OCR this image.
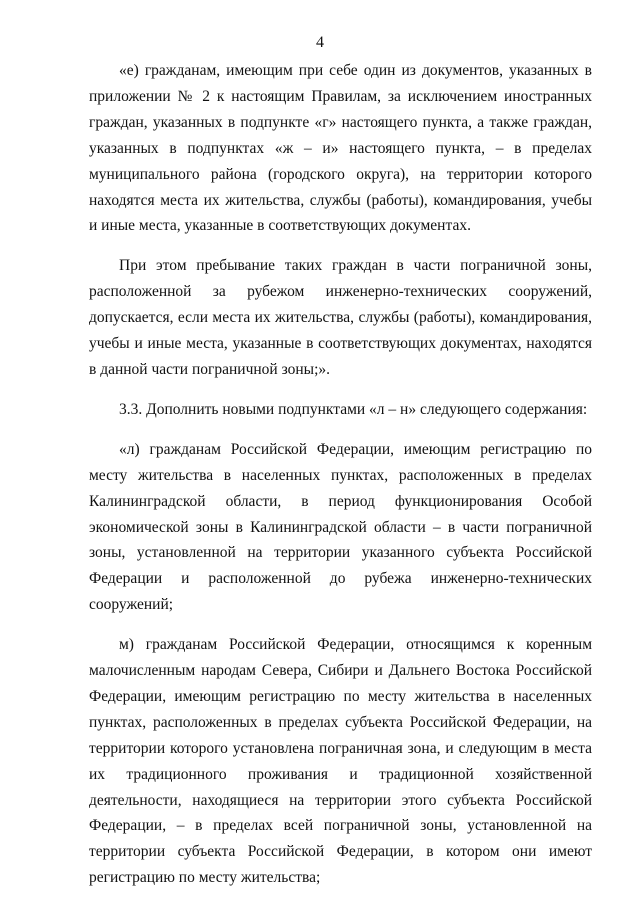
4

«е) гражданам, имеющим при себе один из документов, указанных в приложении № 2 к настоящим Правилам, за исключением иностранных граждан, указанных в подпункте «г» настоящего пункта, а также граждан, указанных в подпунктах «ж – и» настоящего пункта, – в пределах муниципального района (городского округа), на территории которого находятся места их жительства, службы (работы), командирования, учебы и иные места, указанные в соответствующих документах.

При этом пребывание таких граждан в части пограничной зоны, расположенной за рубежом инженерно-технических сооружений, допускается, если места их жительства, службы (работы), командирования, учебы и иные места, указанные в соответствующих документах, находятся в данной части пограничной зоны;».

3.3. Дополнить новыми подпунктами «л – н» следующего содержания:

«л) гражданам Российской Федерации, имеющим регистрацию по месту жительства в населенных пунктах, расположенных в пределах Калининградской области, в период функционирования Особой экономической зоны в Калининградской области – в части пограничной зоны, установленной на территории указанного субъекта Российской Федерации и расположенной до рубежа инженерно-технических сооружений;

м) гражданам Российской Федерации, относящимся к коренным малочисленным народам Севера, Сибири и Дальнего Востока Российской Федерации, имеющим регистрацию по месту жительства в населенных пунктах, расположенных в пределах субъекта Российской Федерации, на территории которого установлена пограничная зона, и следующим в места их традиционного проживания и традиционной хозяйственной деятельности, находящиеся на территории этого субъекта Российской Федерации, – в пределах всей пограничной зоны, установленной на территории субъекта Российской Федерации, в котором они имеют регистрацию по месту жительства;
